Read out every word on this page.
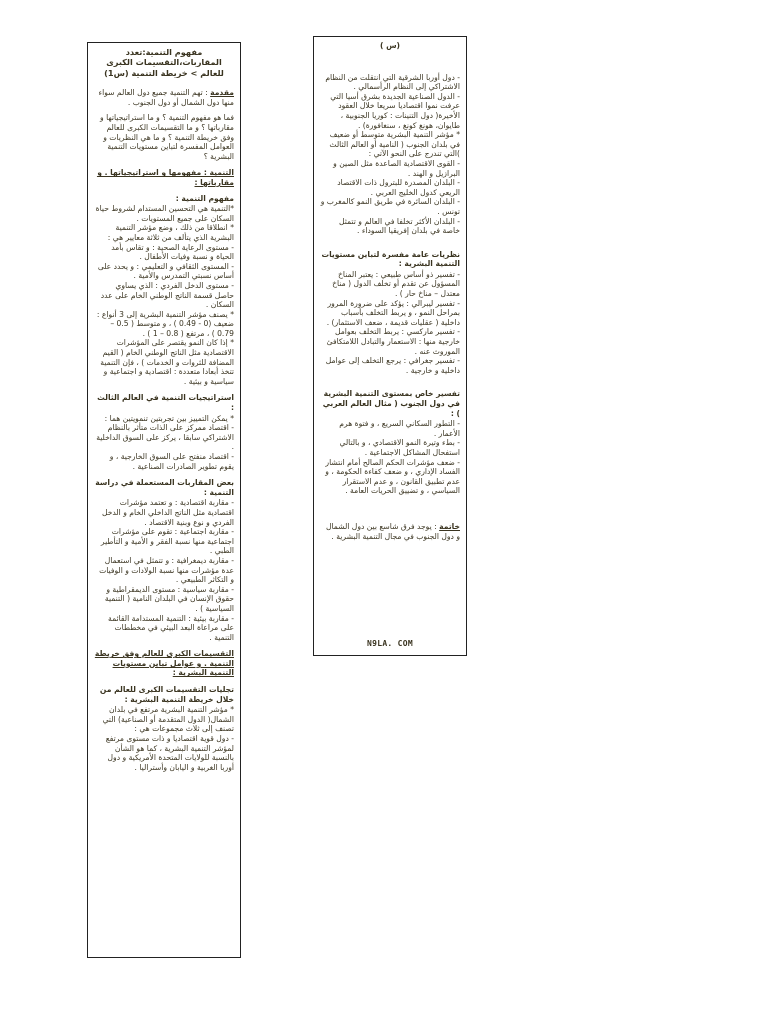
مفهوم التنمية:تعدد المقاربات،التقسيمات الكبرى للعالم > خريطة التنمية (س1)

مقدمة : تهم التنمية جميع دول العالم سواء منها دول الشمال أو دول الجنوب .

فما هو مفهوم التنمية ؟ و ما استراتيجياتها و مقارباتها ؟ و ما التقسيمات الكبرى للعالم وفق خريطة التنمية ؟ و ما هي النظريات و العوامل المفسرة لتباين مستويات التنمية البشرية ؟

التنمية : مفهومها و استراتيجياتها . و مقارباتها :

مفهوم التنمية :

*التنمية هي التحسين المستدام لشروط حياة السكان على جميع المستويات .

* انطلاقا من ذلك ، وضع مؤشر التنمية البشرية الذي يتألف من ثلاثة معايير هي :

- مستوى الرعاية الصحية : و تقاس بأمد الحياة و نسبة وفيات الأطفال .

- المستوى الثقافي و التعليمي : و يحدد على أساس نسبتي التمدرس والأمية .

- مستوى الدخل الفردي : الذي يساوي حاصل قسمة الناتج الوطني الخام على عدد السكان .

* يصنف مؤشر التنمية البشرية إلى 3 أنواع : ضعيف (0 - 0.49 ) ، و متوسط ( 0.5 – 0.79 ) ، مرتفع ( 0.8 – 1 ) .

* إذا كان النمو يقتصر على المؤشرات الاقتصادية مثل الناتج الوطني الخام ( القيم المضافة للثروات و الخدمات ) ، فإن التنمية تتخذ أبعادا متعددة : اقتصادية و اجتماعية و سياسية و بيئية .

استراتيجيات التنمية في العالم الثالث :

* يمكن التمييز بين تجربتين تنمويتين هما :

- اقتصاد ممركز على الذات متأثر بالنظام الاشتراكي سابقا ، يركز على السوق الداخلية .

- اقتصاد منفتح على السوق الخارجية ، و يقوم تطوير الصادرات الصناعية .

بعض المقاربات المستعملة في دراسة التنمية :

- مقاربة اقتصادية : و تعتمد مؤشرات اقتصادية مثل الناتج الداخلي الخام و الدخل الفردي و نوع وبنية الاقتصاد .

- مقاربة اجتماعية : تقوم على مؤشرات اجتماعية منها نسبة الفقر و الأمية و التأطير الطبي .

- مقاربة ديمغرافية : و تتمثل في استعمال عدة مؤشرات منها نسبة الولادات و الوفيات و التكاثر الطبيعي .

- مقاربة سياسية : مستوى الديمقراطية و حقوق الإنسان في البلدان النامية ( التنمية السياسية ) .

- مقاربة بيئية : التنمية المستدامة القائمة على مراعاة البعد البيئي في مخططات التنمية .

التقسيمات الكبرى للعالم وفق خريطة التنمية . و عوامل تباين مستويات التنمية البشرية :

تجليات التقسيمات الكبرى للعالم من خلال خريطة التنمية البشرية :

* مؤشر التنمية البشرية مرتفع في بلدان الشمال( الدول المتقدمة أو الصناعية) التي تصنف إلى ثلاث مجموعات هي :

- دول قوية اقتصاديا و ذات مستوى مرتفع لمؤشر التنمية البشرية ، كما هو الشأن بالنسبة للولايات المتحدة الأمريكية و دول أوربا الغربية و اليابان وأستراليا .

(س )

- دول أوربا الشرقية التي انتقلت من النظام الاشتراكي إلى النظام الرأسمالي .

- الدول الصناعية الجديدة بشرق أسيا التي عرفت نموا اقتصاديا سريعا خلال العقود الأخيرة( دول التنينات : كوريا الجنوبية ، طايوان، هونغ كونغ ، سنغافورة) .

* مؤشر التنمية البشرية متوسط أو ضعيف في بلدان الجنوب ( النامية أو العالم الثالث )التي تندرج على النحو الآتي :

- القوى الاقتصادية الصاعدة مثل الصين و البرازيل و الهند .

- البلدان المصدرة للبترول ذات الاقتصاد الريعي كدول الخليج العربي .

- البلدان السائرة في طريق النمو كالمغرب و تونس .

- البلدان الأكثر تخلفا في العالم و تتمثل خاصة في بلدان إفريقيا السوداء .

نظريات عامة مفسرة لتباين مستويات التنمية البشرية :

- تفسير ذو أساس طبيعي : يعتبر المناخ المسؤول عن تقدم أو تخلف الدول ( مناخ معتدل – مناخ حار ) .

- تفسير ليبرالي : يؤكد على ضرورة المرور بمراحل النمو ، و يربط التخلف بأسباب داخلية ( عقليات قديمة ، ضعف الاستثمار) .

- تفسير ماركسي : يربط التخلف بعوامل خارجية منها : الاستعمار والتبادل اللامتكافئ الموروث عنه .

- تفسير جغرافي : يرجع التخلف إلى عوامل داخلية و خارجية .

تفسير خاص بمستوى التنمية البشرية في دول الجنوب ( مثال العالم العربي ) :

- التطور السكاني السريع ، و فتوة هرم الأعمار .

- بطء وتيرة النمو الاقتصادي ، و بالتالي استفحال المشاكل الاجتماعية .

- ضعف مؤشرات الحكم الصالح أمام انتشار الفساد الإداري ، و ضعف كفاءة الحكومة ، و عدم تطبيق القانون ، و عدم الاستقرار السياسي ، و تضييق الحريات العامة .

خاتمة : يوجد فرق شاسع بين دول الشمال و دول الجنوب في مجال التنمية البشرية .

N9LA. COM
